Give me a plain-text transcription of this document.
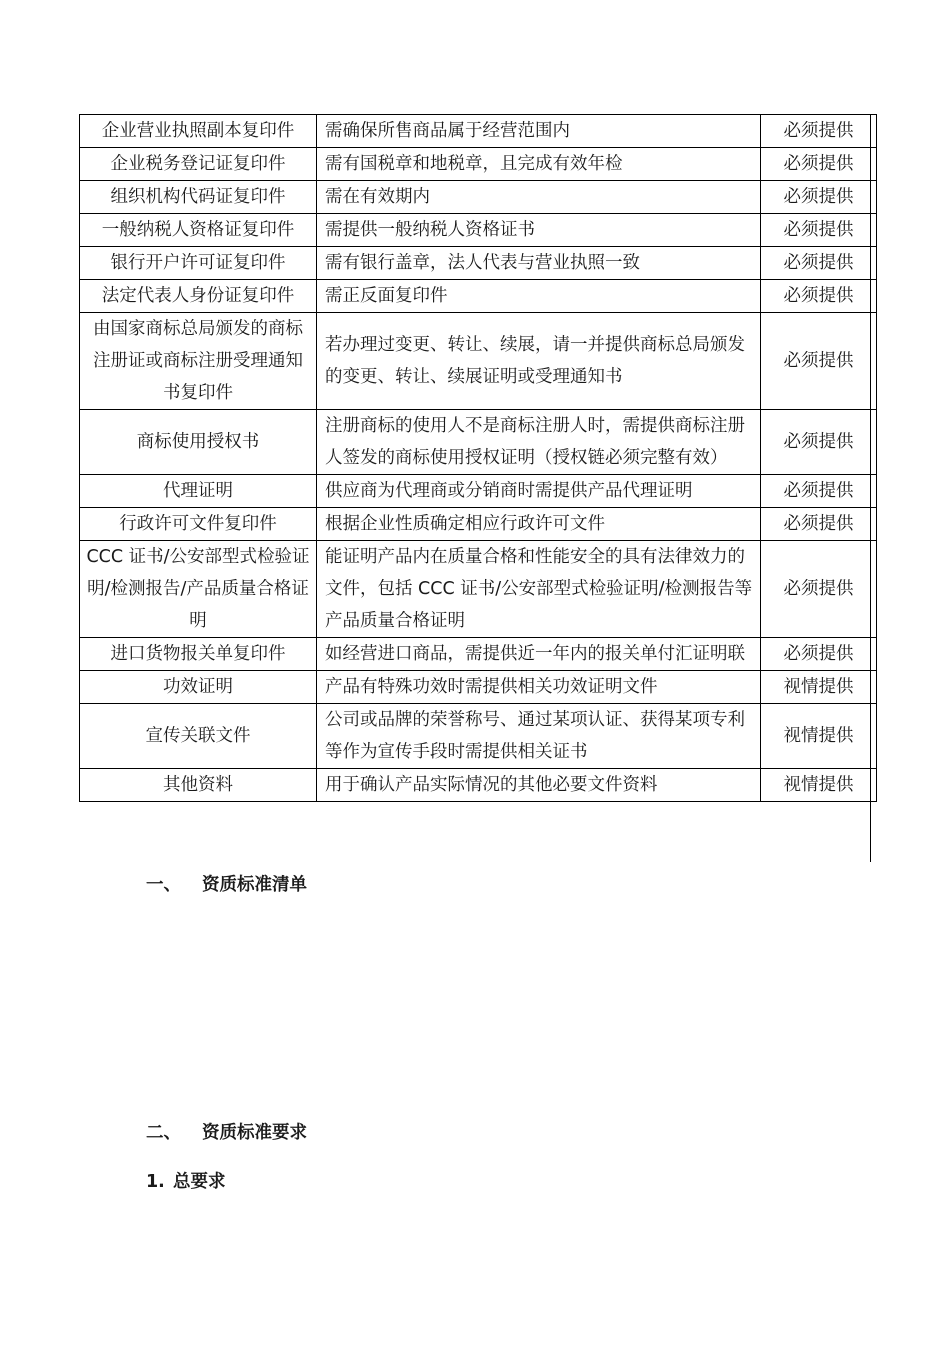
企业营业执照副本复印件	需确保所售商品属于经营范围内	必须提供
企业税务登记证复印件	需有国税章和地税章，且完成有效年检	必须提供
组织机构代码证复印件	需在有效期内	必须提供
一般纳税人资格证复印件	需提供一般纳税人资格证书	必须提供
银行开户许可证复印件	需有银行盖章，法人代表与营业执照一致	必须提供
法定代表人身份证复印件	需正反面复印件	必须提供
由国家商标总局颁发的商标注册证或商标注册受理通知书复印件	若办理过变更、转让、续展，请一并提供商标总局颁发的变更、转让、续展证明或受理通知书	必须提供
商标使用授权书	注册商标的使用人不是商标注册人时，需提供商标注册人签发的商标使用授权证明（授权链必须完整有效）	必须提供
代理证明	供应商为代理商或分销商时需提供产品代理证明	必须提供
行政许可文件复印件	根据企业性质确定相应行政许可文件	必须提供
CCC 证书/公安部型式检验证明/检测报告/产品质量合格证明	能证明产品内在质量合格和性能安全的具有法律效力的文件，包括 CCC 证书/公安部型式检验证明/检测报告等产品质量合格证明	必须提供
进口货物报关单复印件	如经营进口商品，需提供近一年内的报关单付汇证明联	必须提供
功效证明	产品有特殊功效时需提供相关功效证明文件	视情提供
宣传关联文件	公司或品牌的荣誉称号、通过某项认证、获得某项专利等作为宣传手段时需提供相关证书	视情提供
其他资料	用于确认产品实际情况的其他必要文件资料	视情提供
一、 资质标准清单
二、 资质标准要求
1. 总要求
